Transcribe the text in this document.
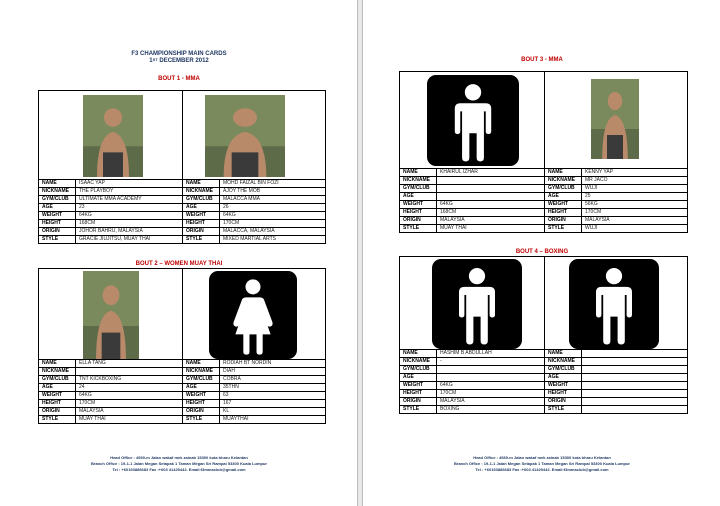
F3 CHAMPIONSHIP MAIN CARDS
1ST DECEMBER 2012
BOUT 1 - MMA

NAME	ISAAC YAP	NAME	MOHD FAIZAL BIN FOZI
NICKNAME	THE PLAYBOY	NICKNAME	AJOY THE MOB
GYM/CLUB	ULTIMATE MMA ACADEMY	GYM/CLUB	MALACCA MMA
AGE	23	AGE	26
WEIGHT	64KG	WEIGHT	64KG
HEIGHT	168CM	HEIGHT	170CM
ORIGIN	JOHOR BAHRU, MALAYSIA	ORIGIN	MALACCA, MALAYSIA
STYLE	GRACIE JIUJITSU, MUAY THAI	STYLE	MIXED MARTIAL ARTS
BOUT 2 – WOMEN MUAY THAI

NAME	ELLA TANG	NAME	RODIAH BT NORDIN
NICKNAME		NICKNAME	DIAH
GYM/CLUB	TNT KICKBOXING	GYM/CLUB	COBRA
AGE	24	AGE	35THN
WEIGHT	64KG	WEIGHT	63
HEIGHT	170CM	HEIGHT	167
ORIGIN	MALAYSIA	ORIGIN	KL
STYLE	MUAY THAI	STYLE	MUAYTHAI
Head Office : 4939-m Jalan wakaf mek zainab 15300 kota bharu Kelantan
Branch Office : 19-1-1 Jalan Megan Setapak 1 Taman Megan Sri Rampai 53300 Kuala Lumpur
Tel : +60193886683 Fax :+603 41429442. Email:f3mmaclub@gmail.com
BOUT 3 - MMA

NAME	KHAIRUL IZHAR	NAME	KENNY YAP
NICKNAME		NICKNAME	MR JACO
GYM/CLUB		GYM/CLUB	WUJI
AGE		AGE	25
WEIGHT	64KG	WEIGHT	56KG
HEIGHT	168CM	HEIGHT	170CM
ORIGIN	MALAYSIA	ORIGIN	MALAYSIA
STYLE	MUAY THAI	STYLE	WUJI
BOUT 4 – BOXING

NAME	HASHIM B ABDULLAH	NAME	
NICKNAME	-	NICKNAME	
GYM/CLUB		GYM/CLUB	
AGE		AGE	
WEIGHT	64KG	WEIGHT	
HEIGHT	170CM	HEIGHT	
ORIGIN	MALAYSIA	ORIGIN	
STYLE	BOXING	STYLE	
Head Office : 4939-m Jalan wakaf mek zainab 15300 kota bharu Kelantan
Branch Office : 19-1-1 Jalan Megan Setapak 1 Taman Megan Sri Rampai 53300 Kuala Lumpur
Tel : +60193886683 Fax :+603 41429442. Email:f3mmaclub@gmail.com
